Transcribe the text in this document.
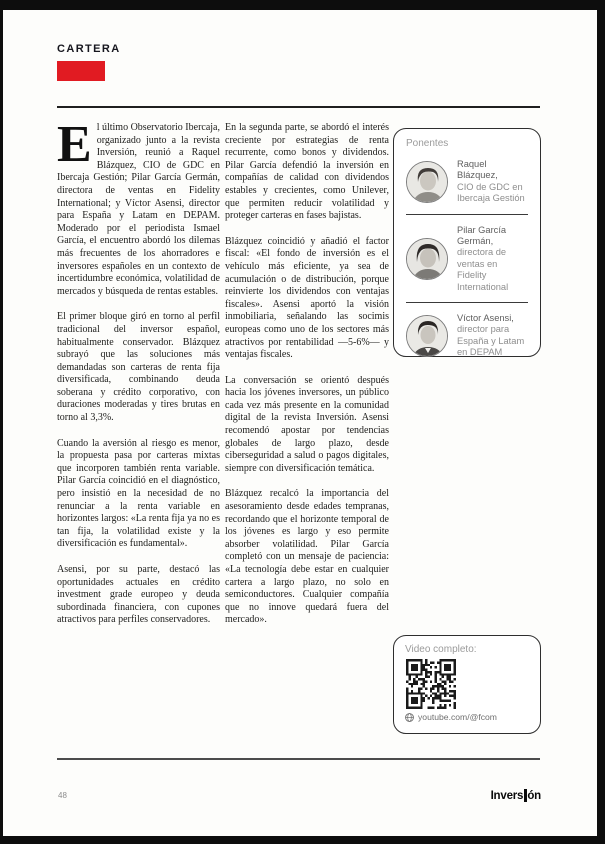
CARTERA

El último Observatorio Ibercaja, organizado junto a la revista Inversión, reunió a Raquel Blázquez, CIO de GDC en Ibercaja Gestión; Pilar García Germán, directora de ventas en Fidelity International; y Víctor Asensi, director para España y Latam en DEPAM. Moderado por el periodista Ismael García, el encuentro abordó los dilemas más frecuentes de los ahorradores e inversores españoles en un contexto de incertidumbre económica, volatilidad de mercados y búsqueda de rentas estables.

El primer bloque giró en torno al perfil tradicional del inversor español, habitualmente conservador. Blázquez subrayó que las soluciones más demandadas son carteras de renta fija diversificada, combinando deuda soberana y crédito corporativo, con duraciones moderadas y tires brutas en torno al 3,3%.

Cuando la aversión al riesgo es menor, la propuesta pasa por carteras mixtas que incorporen también renta variable. Pilar García coincidió en el diagnóstico, pero insistió en la necesidad de no renunciar a la renta variable en horizontes largos: «La renta fija ya no es tan fija, la volatilidad existe y la diversificación es fundamental».

Asensi, por su parte, destacó las oportunidades actuales en crédito investment grade europeo y deuda subordinada financiera, con cupones atractivos para perfiles conservadores.

En la segunda parte, se abordó el interés creciente por estrategias de renta recurrente, como bonos y dividendos. Pilar García defendió la inversión en compañías de calidad con dividendos estables y crecientes, como Unilever, que permiten reducir volatilidad y proteger carteras en fases bajistas.

Blázquez coincidió y añadió el factor fiscal: «El fondo de inversión es el vehículo más eficiente, ya sea de acumulación o de distribución, porque reinvierte los dividendos con ventajas fiscales». Asensi aportó la visión inmobiliaria, señalando las socimis europeas como uno de los sectores más atractivos por rentabilidad —5-6%— y ventajas fiscales.

La conversación se orientó después hacia los jóvenes inversores, un público cada vez más presente en la comunidad digital de la revista Inversión. Asensi recomendó apostar por tendencias globales de largo plazo, desde ciberseguridad a salud o pagos digitales, siempre con diversificación temática.

Blázquez recalcó la importancia del asesoramiento desde edades tempranas, recordando que el horizonte temporal de los jóvenes es largo y eso permite absorber volatilidad. Pilar García completó con un mensaje de paciencia: «La tecnología debe estar en cualquier cartera a largo plazo, no solo en semiconductores. Cualquier compañía que no innove quedará fuera del mercado».

Ponentes
Raquel Blázquez,
CIO de GDC en Ibercaja Gestión
Pilar García Germán,
directora de ventas en Fidelity International
Víctor Asensi,
director para España y Latam en DEPAM
Video completo:
youtube.com/@fcom
48	Invers ón
